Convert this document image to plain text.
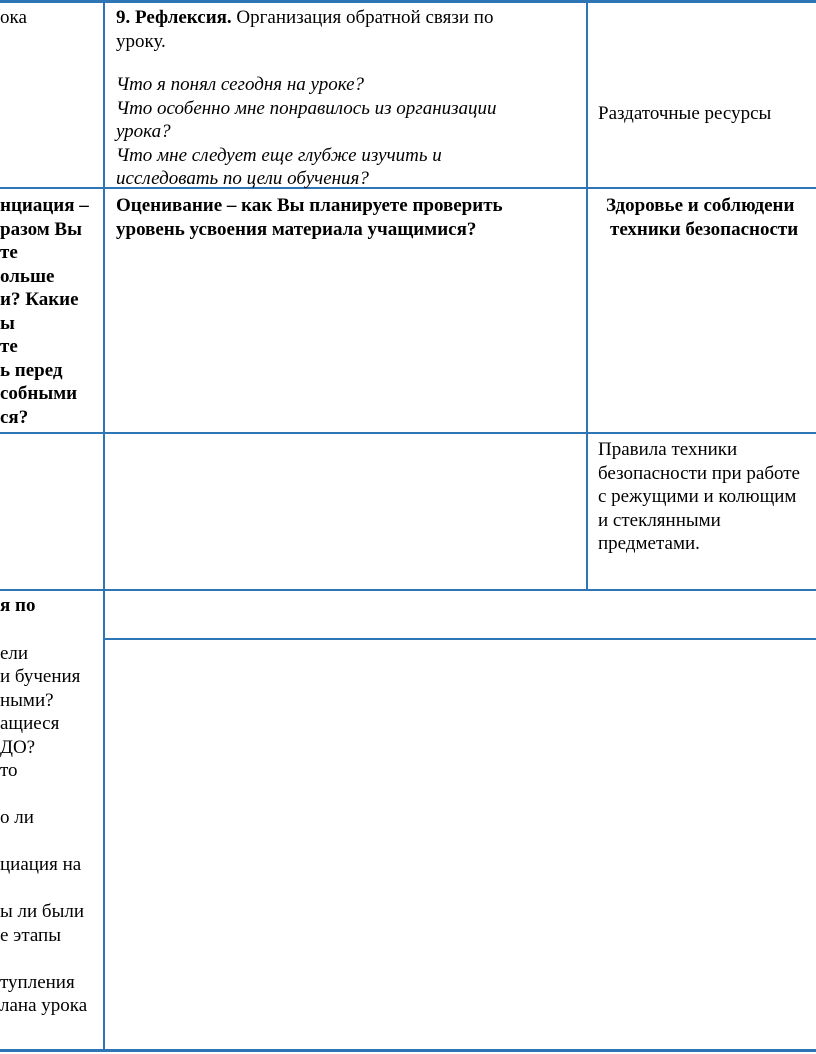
ока	9. Рефлексия. Организация обратной связи по
уроку.
Что я понял сегодня на уроке?
Что особенно мне понравилось из организации
урока?
Что мне следует еще глубже изучить и
исследовать по цели обучения?
Раздаточные ресурсы
нциация –
разом Вы
те
ольше
и? Какие
ы
те
ь перед
собными
ся?
Оценивание – как Вы планируете проверить
уровень усвоения материала учащимися?
Здоровье и соблюдени
техники безопасности
Правила техники
безопасности при работе
с режущими и колющим
и стеклянными
предметами.
я по
ели
и бучения
ными?
ащиеся
ДО?
то
о ли
циация на
ы ли были
е этапы
тупления
лана урока
